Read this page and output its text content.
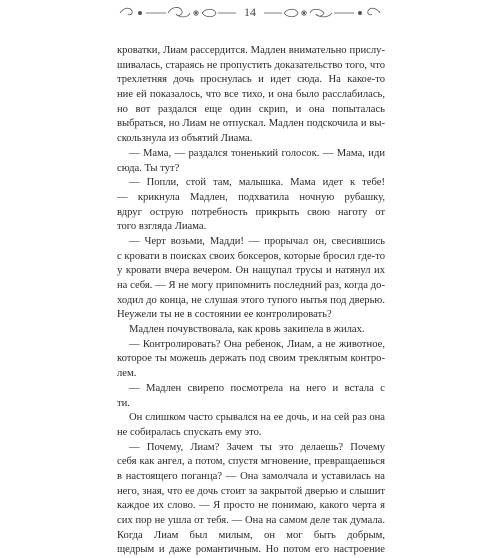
14
кроватки, Лиам рассердится. Мадлен внимательно прислу-
шивалась, стараясь не пропустить доказательство того, что
трехлетняя дочь проснулась и идет сюда. На какое-то
ние ей показалось, что все тихо, и она было расслабилась,
но вот раздался еще один скрип, и она попыталась
выбраться, но Лиам не отпускал. Мадлен подскочила и вы-
скользнула из объятий Лиама.
— Мама, — раздался тоненький голосок. — Мама, иди
сюда. Ты тут?
— Попли, стой там, малышка. Мама идет к тебе!
— крикнула Мадлен, подхватила ночную рубашку,
вдруг острую потребность прикрыть свою наготу от
того взгляда Лиама.
— Черт возьми, Мадди! — прорычал он, свесившись
с кровати в поисках своих боксеров, которые бросил где-то
у кровати вчера вечером. Он нащупал трусы и натянул их
на себя. — Я не могу припомнить последний раз, когда до-
ходил до конца, не слушая этого тупого нытья под дверью.
Неужели ты не в состоянии ее контролировать?
Мадлен почувствовала, как кровь закипела в жилах.
— Контролировать? Она ребенок, Лиам, а не животное,
которое ты можешь держать под своим треклятым контро-
лем.
— Мадлен свирепо посмотрела на него и встала с
ти.
Он слишком часто срывался на ее дочь, и на сей раз она
не собиралась спускать ему это.
— Почему, Лиам? Зачем ты это делаешь? Почему
себя как ангел, а потом, спустя мгновение, превращаешься
в настоящего поганца? — Она замолчала и уставилась на
него, зная, что ее дочь стоит за закрытой дверью и слышит
каждое их слово. — Я просто не понимаю, какого черта я
сих пор не ушла от тебя. — Она на самом деле так думала.
Когда Лиам был милым, он мог быть добрым,
щедрым и даже романтичным. Но потом его настроение
